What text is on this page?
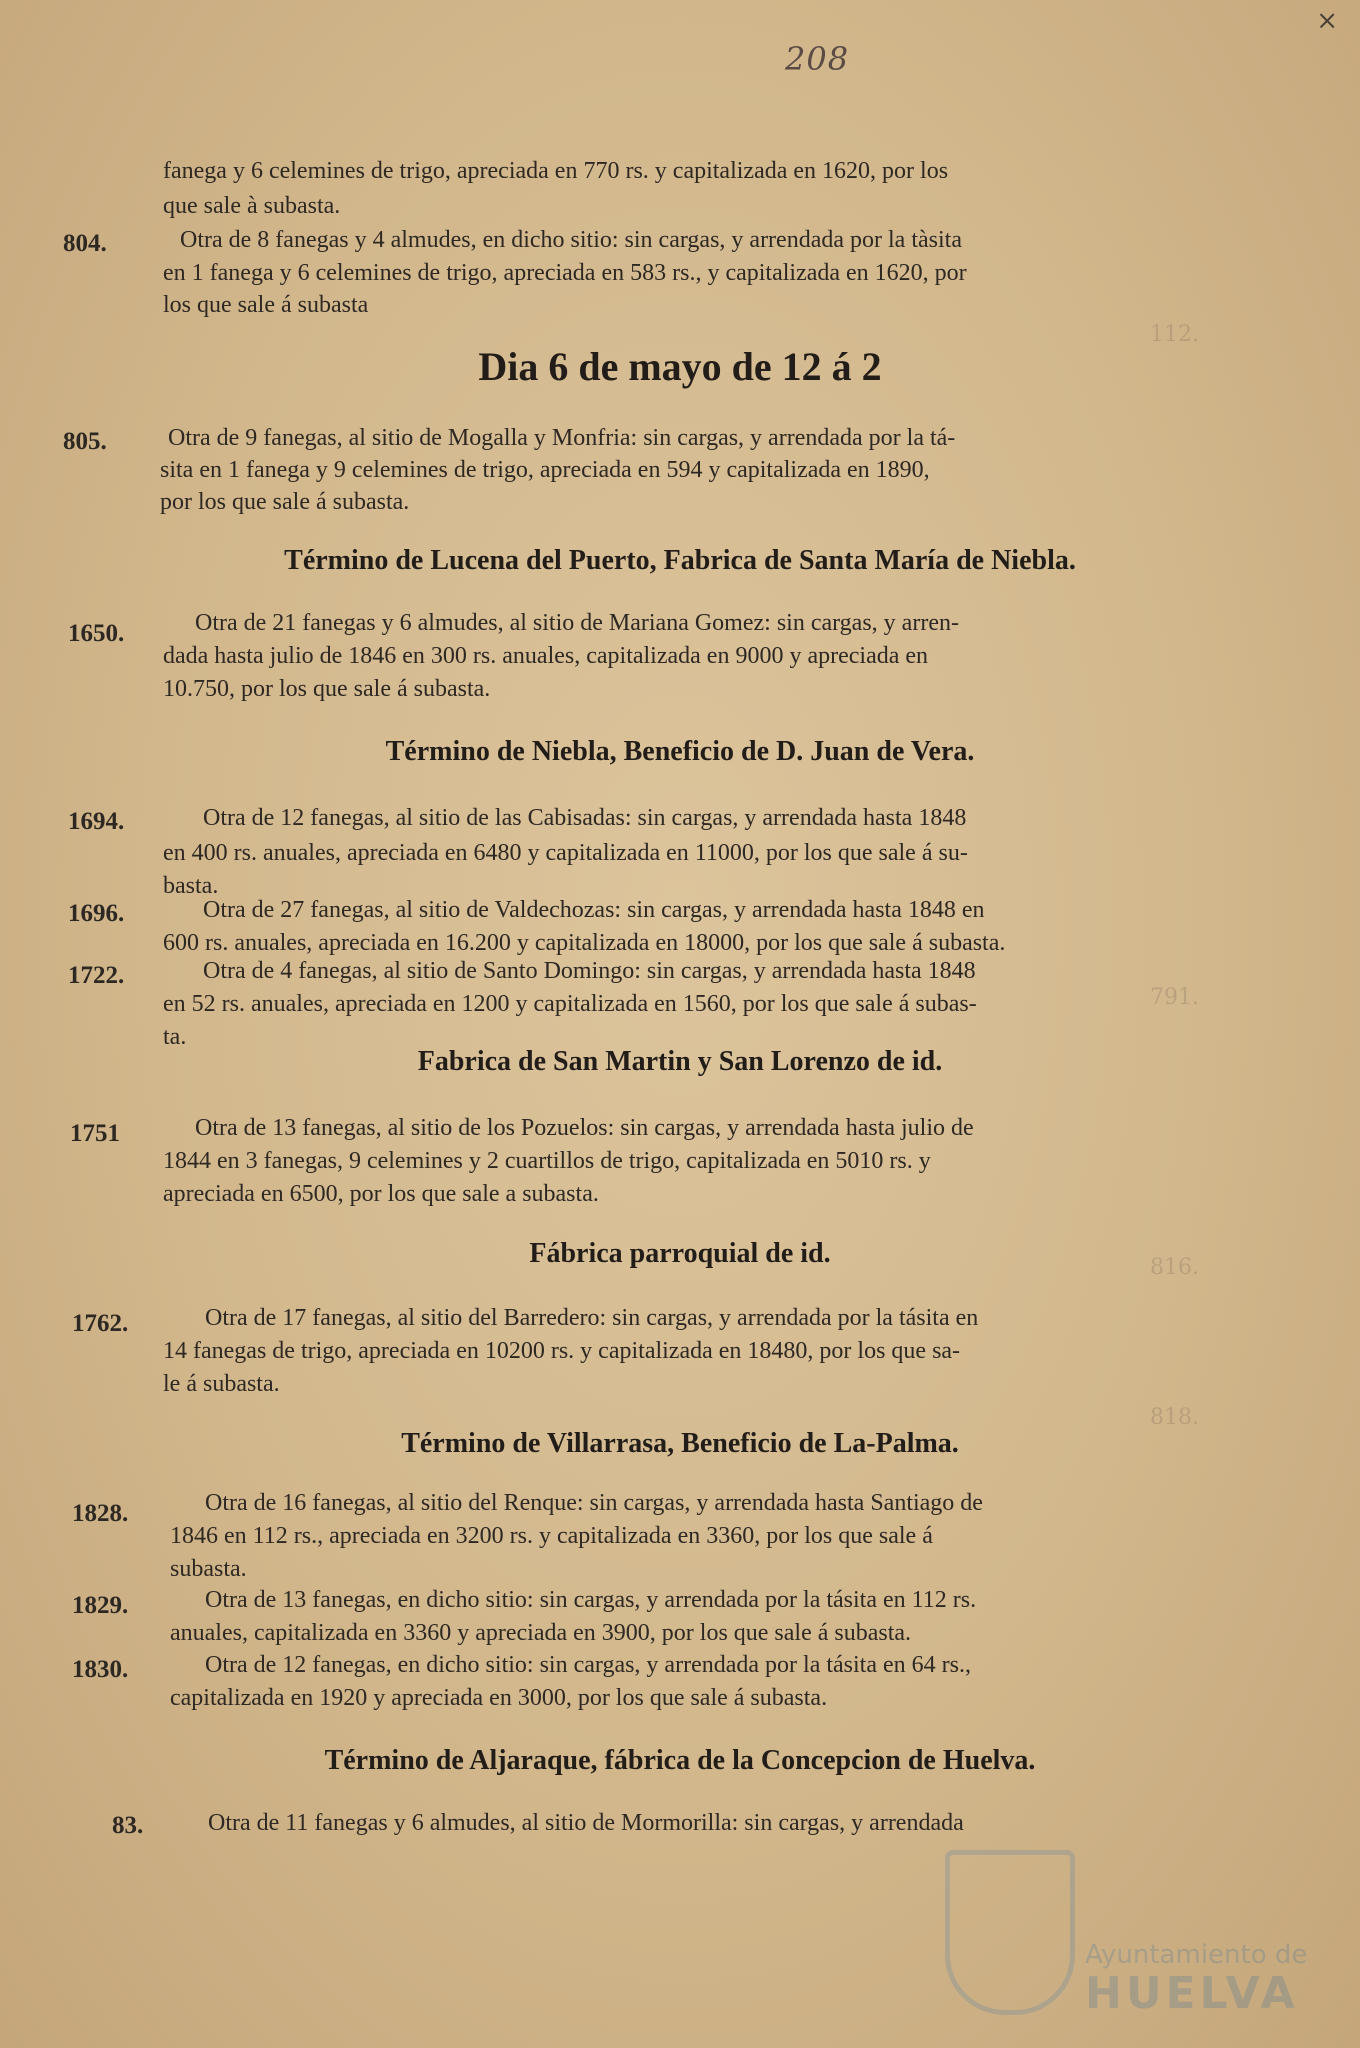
×
208
112.
791.
816.
818.
fanega y 6 celemines de trigo, apreciada en 770 rs. y capitalizada en 1620, por los
que sale à subasta.
804.	Otra de 8 fanegas y 4 almudes, en dicho sitio: sin cargas, y arrendada por la tàsita
en 1 fanega y 6 celemines de trigo, apreciada en 583 rs., y capitalizada en 1620, por
los que sale á subasta
Dia 6 de mayo de 12 á 2
805.	Otra de 9 fanegas, al sitio de Mogalla y Monfria: sin cargas, y arrendada por la tá-
sita en 1 fanega y 9 celemines de trigo, apreciada en 594 y capitalizada en 1890,
por los que sale á subasta.
Término de Lucena del Puerto, Fabrica de Santa María de Niebla.
1650.	Otra de 21 fanegas y 6 almudes, al sitio de Mariana Gomez: sin cargas, y arren-
dada hasta julio de 1846 en 300 rs. anuales, capitalizada en 9000 y apreciada en
10.750, por los que sale á subasta.
Término de Niebla, Beneficio de D. Juan de Vera.
1694.	Otra de 12 fanegas, al sitio de las Cabisadas: sin cargas, y arrendada hasta 1848
en 400 rs. anuales, apreciada en 6480 y capitalizada en 11000, por los que sale á su-
basta.
1696.	Otra de 27 fanegas, al sitio de Valdechozas: sin cargas, y arrendada hasta 1848 en
600 rs. anuales, apreciada en 16.200 y capitalizada en 18000, por los que sale á subasta.
1722.	Otra de 4 fanegas, al sitio de Santo Domingo: sin cargas, y arrendada hasta 1848
en 52 rs. anuales, apreciada en 1200 y capitalizada en 1560, por los que sale á subas-
ta.
Fabrica de San Martin y San Lorenzo de id.
1751	Otra de 13 fanegas, al sitio de los Pozuelos: sin cargas, y arrendada hasta julio de
1844 en 3 fanegas, 9 celemines y 2 cuartillos de trigo, capitalizada en 5010 rs. y
apreciada en 6500, por los que sale a subasta.
Fábrica parroquial de id.
1762.	Otra de 17 fanegas, al sitio del Barredero: sin cargas, y arrendada por la tásita en
14 fanegas de trigo, apreciada en 10200 rs. y capitalizada en 18480, por los que sa-
le á subasta.
Término de Villarrasa, Beneficio de La-Palma.
1828.	Otra de 16 fanegas, al sitio del Renque: sin cargas, y arrendada hasta Santiago de
1846 en 112 rs., apreciada en 3200 rs. y capitalizada en 3360, por los que sale á
subasta.
1829.	Otra de 13 fanegas, en dicho sitio: sin cargas, y arrendada por la tásita en 112 rs.
anuales, capitalizada en 3360 y apreciada en 3900, por los que sale á subasta.
1830.	Otra de 12 fanegas, en dicho sitio: sin cargas, y arrendada por la tásita en 64 rs.,
capitalizada en 1920 y apreciada en 3000, por los que sale á subasta.
Término de Aljaraque, fábrica de la Concepcion de Huelva.
83.	Otra de 11 fanegas y 6 almudes, al sitio de Mormorilla: sin cargas, y arrendada
Ayuntamiento de
HUELVA
